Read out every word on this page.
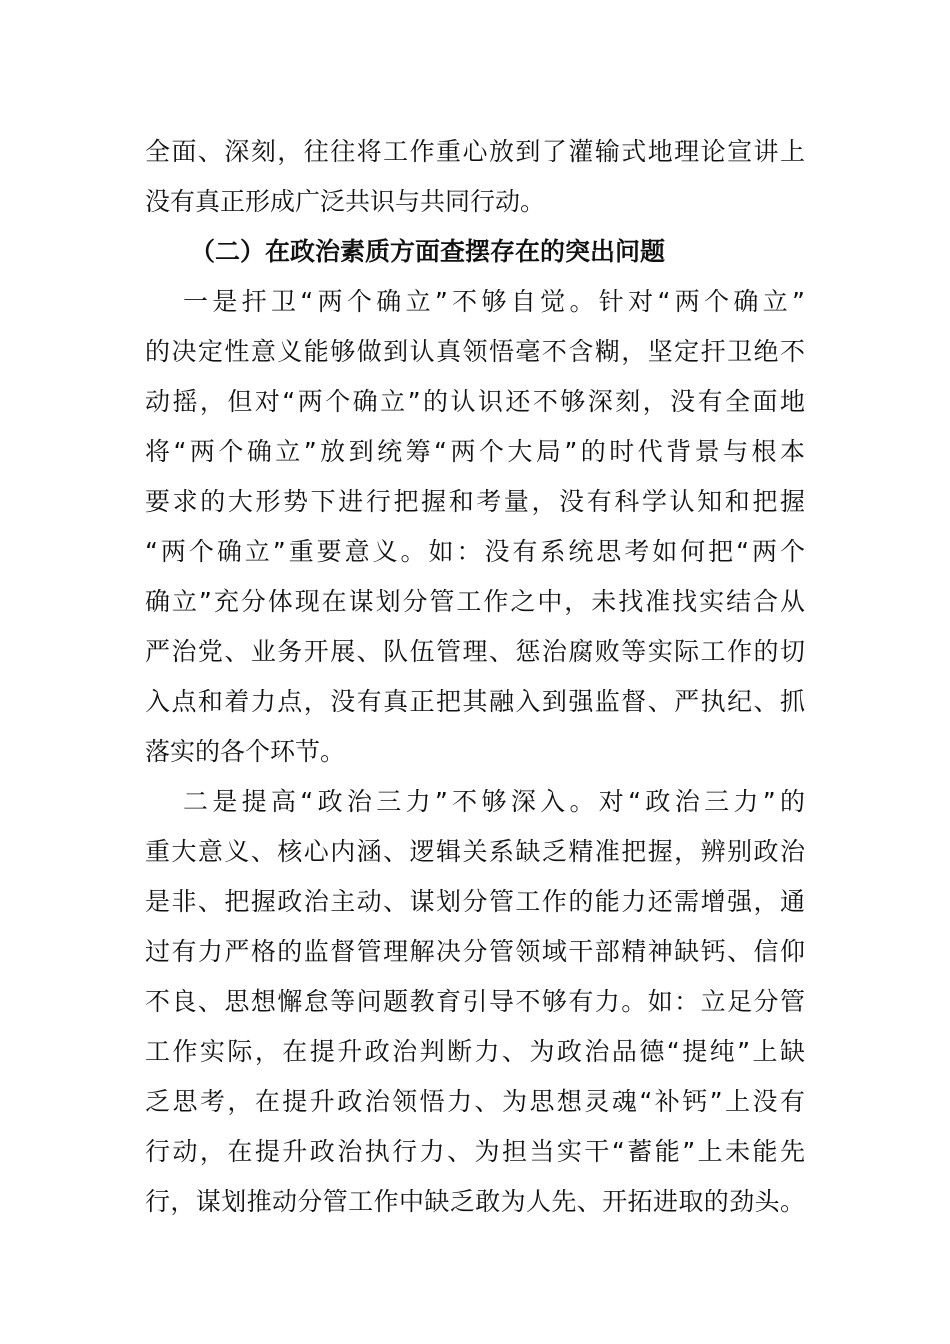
全面、深刻，往往将工作重心放到了灌输式地理论宣讲上
没有真正形成广泛共识与共同行动。
（二）在政治素质方面查摆存在的突出问题
一是扞卫“两个确立”不够自觉。针对“两个确立”
的决定性意义能够做到认真领悟毫不含糊，坚定扞卫绝不
动摇，但对“两个确立”的认识还不够深刻，没有全面地
将“两个确立”放到统筹“两个大局”的时代背景与根本
要求的大形势下进行把握和考量，没有科学认知和把握
“两个确立”重要意义。如：没有系统思考如何把“两个
确立”充分体现在谋划分管工作之中，未找准找实结合从
严治党、业务开展、队伍管理、惩治腐败等实际工作的切
入点和着力点，没有真正把其融入到强监督、严执纪、抓
落实的各个环节。
二是提高“政治三力”不够深入。对“政治三力”的
重大意义、核心内涵、逻辑关系缺乏精准把握，辨别政治
是非、把握政治主动、谋划分管工作的能力还需增强，通
过有力严格的监督管理解决分管领域干部精神缺钙、信仰
不良、思想懈怠等问题教育引导不够有力。如：立足分管
工作实际，在提升政治判断力、为政治品德“提纯”上缺
乏思考，在提升政治领悟力、为思想灵魂“补钙”上没有
行动，在提升政治执行力、为担当实干“蓄能”上未能先
行，谋划推动分管工作中缺乏敢为人先、开拓进取的劲头。
